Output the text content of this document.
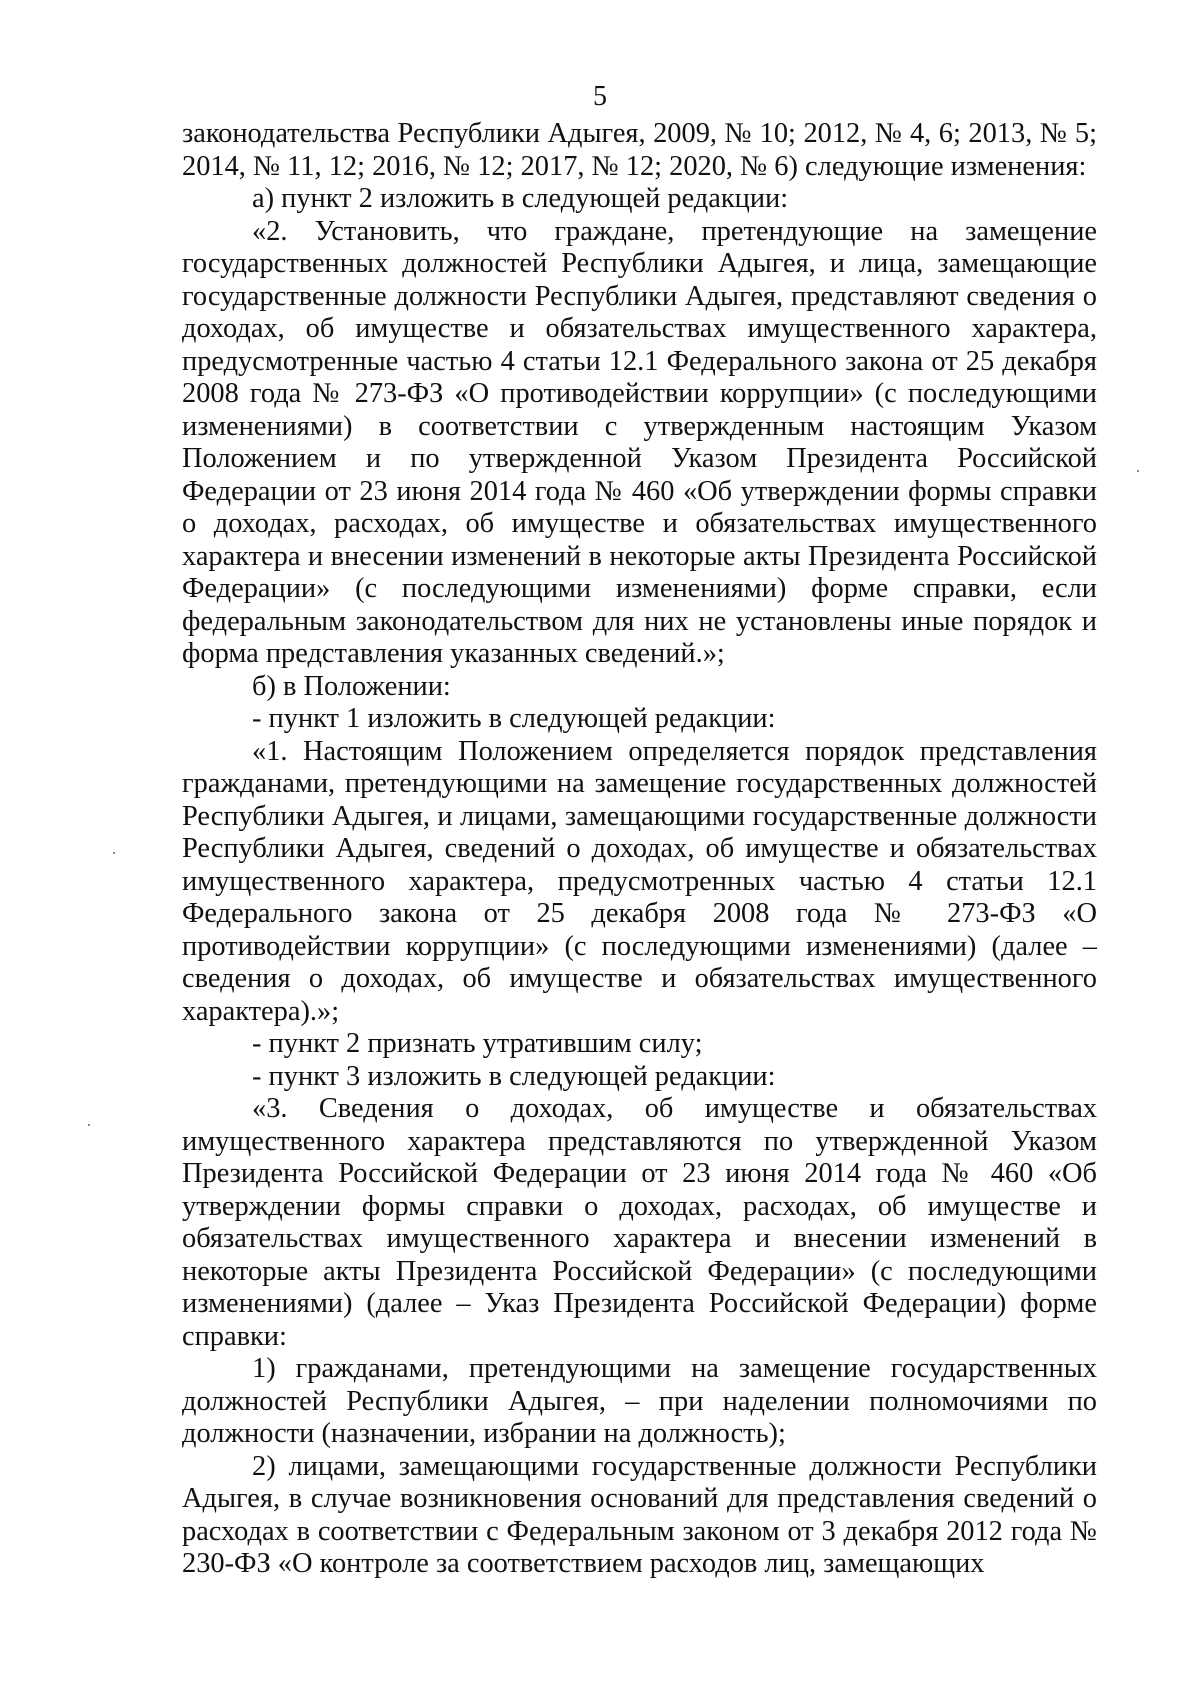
5

законодательства Республики Адыгея, 2009, № 10; 2012, № 4, 6; 2013, № 5; 2014, № 11, 12; 2016, № 12; 2017, № 12; 2020, № 6) следующие изменения:

а) пункт 2 изложить в следующей редакции:

«2. Установить, что граждане, претендующие на замещение государственных должностей Республики Адыгея, и лица, замещающие государственные должности Республики Адыгея, представляют сведения о доходах, об имуществе и обязательствах имущественного характера, предусмотренные частью 4 статьи 12.1 Федерального закона от 25 декабря 2008 года № 273-ФЗ «О противодействии коррупции» (с последующими изменениями) в соответствии с утвержденным настоящим Указом Положением и по утвержденной Указом Президента Российской Федерации от 23 июня 2014 года № 460 «Об утверждении формы справки о доходах, расходах, об имуществе и обязательствах имущественного характера и внесении изменений в некоторые акты Президента Российской Федерации» (с последующими изменениями) форме справки, если федеральным законодательством для них не установлены иные порядок и форма представления указанных сведений.»;

б) в Положении:

- пункт 1 изложить в следующей редакции:

«1. Настоящим Положением определяется порядок представления гражданами, претендующими на замещение государственных должностей Республики Адыгея, и лицами, замещающими государственные должности Республики Адыгея, сведений о доходах, об имуществе и обязательствах имущественного характера, предусмотренных частью 4 статьи 12.1 Федерального закона от 25 декабря 2008 года № 273-ФЗ «О противодействии коррупции» (с последующими изменениями) (далее – сведения о доходах, об имуществе и обязательствах имущественного характера).»;

- пункт 2 признать утратившим силу;

- пункт 3 изложить в следующей редакции:

«3. Сведения о доходах, об имуществе и обязательствах имущественного характера представляются по утвержденной Указом Президента Российской Федерации от 23 июня 2014 года № 460 «Об утверждении формы справки о доходах, расходах, об имуществе и обязательствах имущественного характера и внесении изменений в некоторые акты Президента Российской Федерации» (с последующими изменениями) (далее – Указ Президента Российской Федерации) форме справки:

1) гражданами, претендующими на замещение государственных должностей Республики Адыгея, – при наделении полномочиями по должности (назначении, избрании на должность);

2) лицами, замещающими государственные должности Республики Адыгея, в случае возникновения оснований для представления сведений о расходах в соответствии с Федеральным законом от 3 декабря 2012 года № 230-ФЗ «О контроле за соответствием расходов лиц, замещающих
